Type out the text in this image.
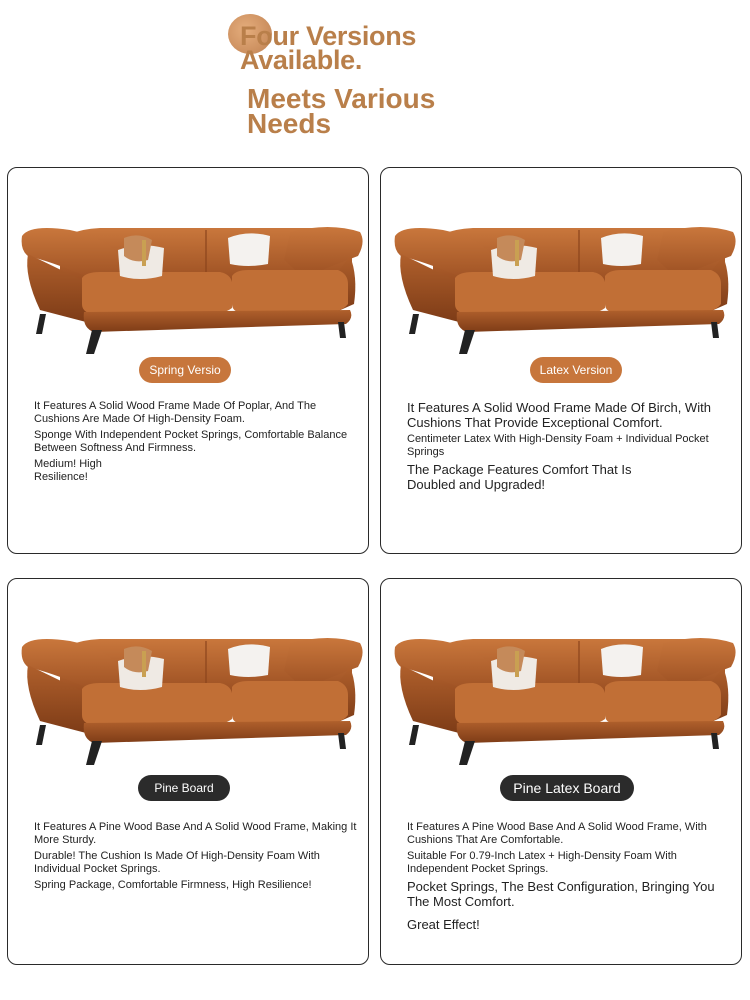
Four Versions
Available.
Meets Various
Needs
Spring Versio

It Features A Solid Wood Frame Made Of Poplar, And The Cushions Are Made Of High-Density Foam.

Sponge With Independent Pocket Springs, Comfortable Balance Between Softness And Firmness.

Medium! High Resilience!

Latex Version

It Features A Solid Wood Frame Made Of Birch, With Cushions That Provide Exceptional Comfort.

Centimeter Latex With High-Density Foam + Individual Pocket Springs

The Package Features Comfort That Is Doubled and Upgraded!

Pine Board

It Features A Pine Wood Base And A Solid Wood Frame, Making It More Sturdy.

Durable! The Cushion Is Made Of High-Density Foam With Individual Pocket Springs.

Spring Package, Comfortable Firmness, High Resilience!

Pine Latex Board

It Features A Pine Wood Base And A Solid Wood Frame, With Cushions That Are Comfortable.

Suitable For 0.79-Inch Latex + High-Density Foam With Independent Pocket Springs.

Pocket Springs, The Best Configuration, Bringing You The Most Comfort.

Great Effect!
